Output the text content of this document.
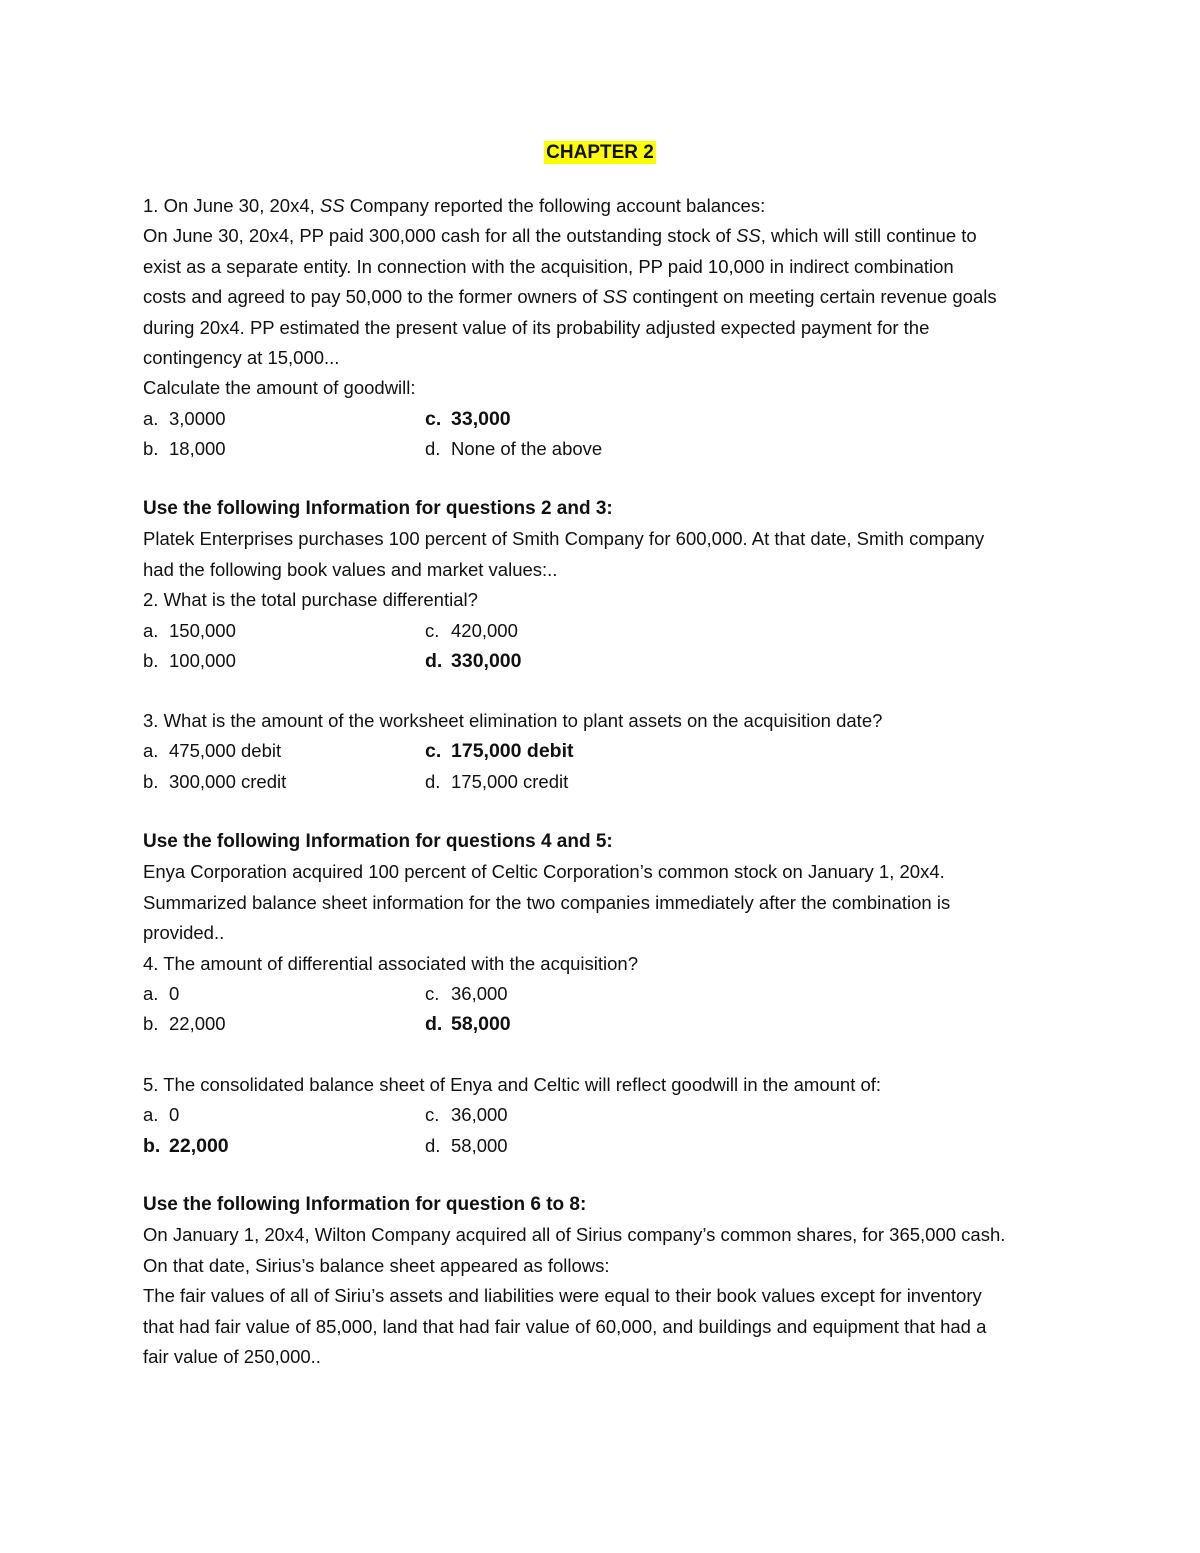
CHAPTER 2
1. On June 30, 20x4, SS Company reported the following account balances:
On June 30, 20x4, PP paid 300,000 cash for all the outstanding stock of SS, which will still continue to
exist as a separate entity. In connection with the acquisition, PP paid 10,000 in indirect combination
costs and agreed to pay 50,000 to the former owners of SS contingent on meeting certain revenue goals
during 20x4. PP estimated the present value of its probability adjusted expected payment for the
contingency at 15,000...
Calculate the amount of goodwill:
a. 3,0000	c. 33,000
b. 18,000	d. None of the above
Use the following Information for questions 2 and 3:
Platek Enterprises purchases 100 percent of Smith Company for 600,000. At that date, Smith company
had the following book values and market values:..
2. What is the total purchase differential?
a. 150,000	c. 420,000
b. 100,000	d. 330,000
3. What is the amount of the worksheet elimination to plant assets on the acquisition date?
a. 475,000 debit	c. 175,000 debit
b. 300,000 credit	d. 175,000 credit
Use the following Information for questions 4 and 5:
Enya Corporation acquired 100 percent of Celtic Corporation’s common stock on January 1, 20x4.
Summarized balance sheet information for the two companies immediately after the combination is
provided..
4. The amount of differential associated with the acquisition?
a. 0	c. 36,000
b. 22,000	d. 58,000
5. The consolidated balance sheet of Enya and Celtic will reflect goodwill in the amount of:
a. 0	c. 36,000
b. 22,000	d. 58,000
Use the following Information for question 6 to 8:
On January 1, 20x4, Wilton Company acquired all of Sirius company’s common shares, for 365,000 cash.
On that date, Sirius’s balance sheet appeared as follows:
The fair values of all of Siriu’s assets and liabilities were equal to their book values except for inventory
that had fair value of 85,000, land that had fair value of 60,000, and buildings and equipment that had a
fair value of 250,000..
